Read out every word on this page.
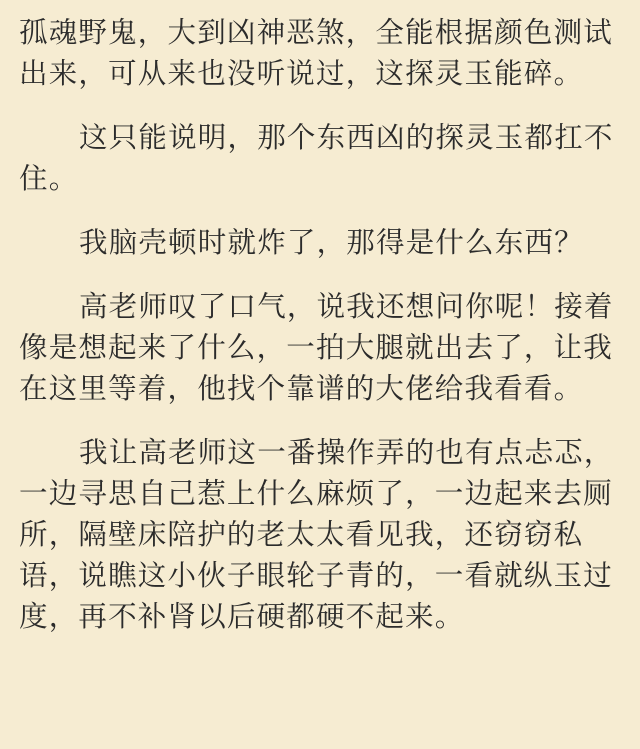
孤魂野鬼，大到凶神恶煞，全能根据颜色测试
出来，可从来也没听说过，这探灵玉能碎。

这只能说明，那个东西凶的探灵玉都扛不
住。

我脑壳顿时就炸了，那得是什么东西？

高老师叹了口气，说我还想问你呢！接着
像是想起来了什么，一拍大腿就出去了，让我
在这里等着，他找个靠谱的大佬给我看看。

我让高老师这一番操作弄的也有点忐忑，
一边寻思自己惹上什么麻烦了，一边起来去厕
所，隔壁床陪护的老太太看见我，还窃窃私
语，说瞧这小伙子眼轮子青的，一看就纵玉过
度，再不补肾以后硬都硬不起来。
